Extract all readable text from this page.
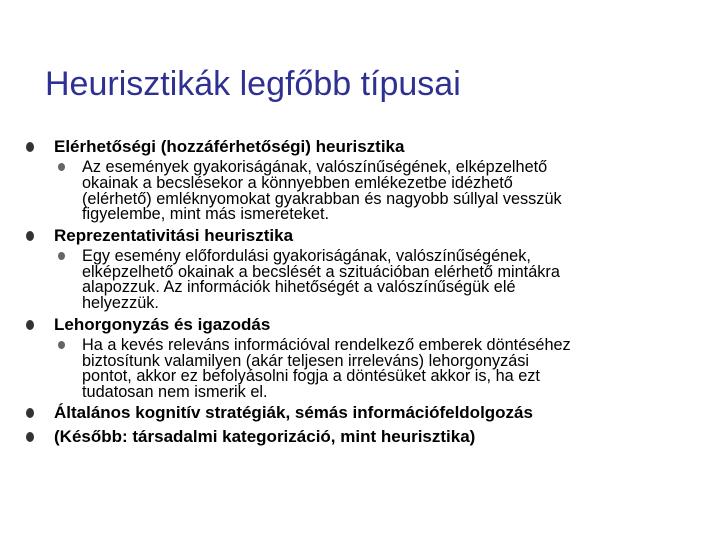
Heurisztikák legfőbb típusai
Elérhetőségi (hozzáférhetőségi) heurisztika
Az események gyakoriságának, valószínűségének, elképzelhető
okainak a becslésekor a könnyebben emlékezetbe idézhető
(elérhető) emléknyomokat gyakrabban és nagyobb súllyal vesszük
figyelembe, mint más ismereteket.
Reprezentativitási heurisztika
Egy esemény előfordulási gyakoriságának, valószínűségének,
elképzelhető okainak a becslését a szituációban elérhető mintákra
alapozzuk. Az információk hihetőségét a valószínűségük elé
helyezzük.
Lehorgonyzás és igazodás
Ha a kevés releváns információval rendelkező emberek döntéséhez
biztosítunk valamilyen (akár teljesen irreleváns) lehorgonyzási
pontot, akkor ez befolyásolni fogja a döntésüket akkor is, ha ezt
tudatosan nem ismerik el.
Általános kognitív stratégiák, sémás információfeldolgozás
(Később: társadalmi kategorizáció, mint heurisztika)
